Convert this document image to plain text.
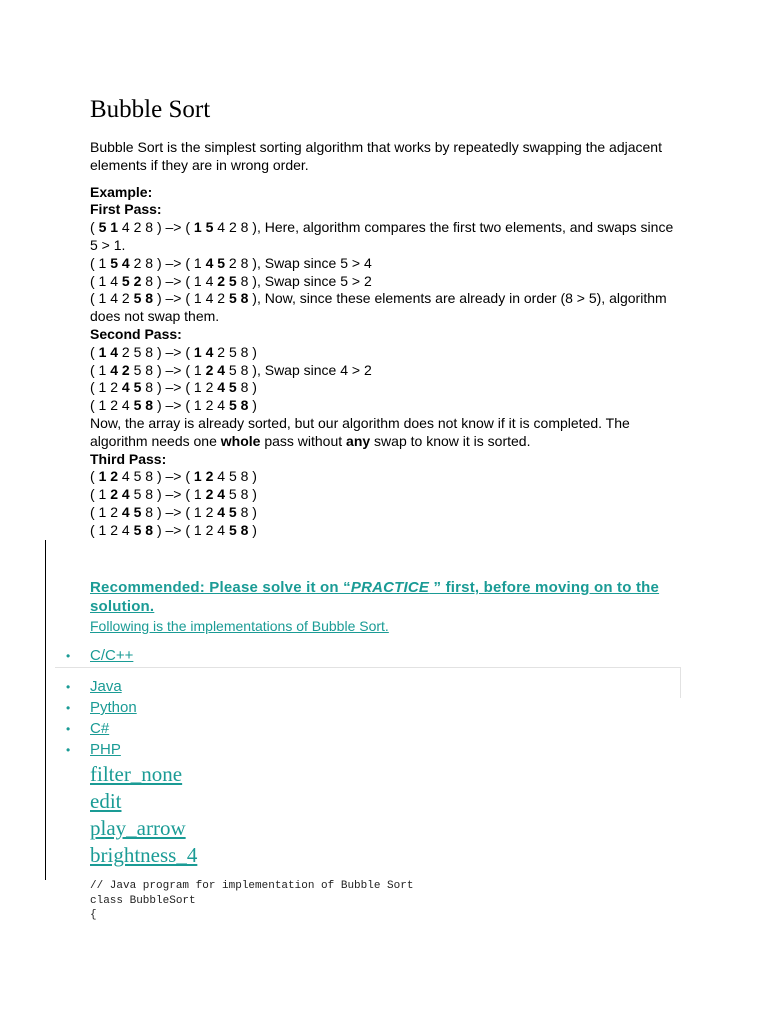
Bubble Sort

Bubble Sort is the simplest sorting algorithm that works by repeatedly swapping the adjacent elements if they are in wrong order.

Example:

First Pass:

( 5 1 4 2 8 ) –> ( 1 5 4 2 8 ), Here, algorithm compares the first two elements, and swaps since 5 > 1.

( 1 5 4 2 8 ) –> ( 1 4 5 2 8 ), Swap since 5 > 4

( 1 4 5 2 8 ) –> ( 1 4 2 5 8 ), Swap since 5 > 2

( 1 4 2 5 8 ) –> ( 1 4 2 5 8 ), Now, since these elements are already in order (8 > 5), algorithm does not swap them.

Second Pass:

( 1 4 2 5 8 ) –> ( 1 4 2 5 8 )

( 1 4 2 5 8 ) –> ( 1 2 4 5 8 ), Swap since 4 > 2

( 1 2 4 5 8 ) –> ( 1 2 4 5 8 )

( 1 2 4 5 8 ) –> ( 1 2 4 5 8 )

Now, the array is already sorted, but our algorithm does not know if it is completed. The algorithm needs one whole pass without any swap to know it is sorted.

Third Pass:

( 1 2 4 5 8 ) –> ( 1 2 4 5 8 )

( 1 2 4 5 8 ) –> ( 1 2 4 5 8 )

( 1 2 4 5 8 ) –> ( 1 2 4 5 8 )

( 1 2 4 5 8 ) –> ( 1 2 4 5 8 )

Recommended: Please solve it on “PRACTICE ” first, before moving on to the solution.
Following is the implementations of Bubble Sort.
• C/C++
• Java
• Python
• C#
• PHP
filter_none
edit
play_arrow
brightness_4
// Java program for implementation of Bubble Sort
class BubbleSort
{
